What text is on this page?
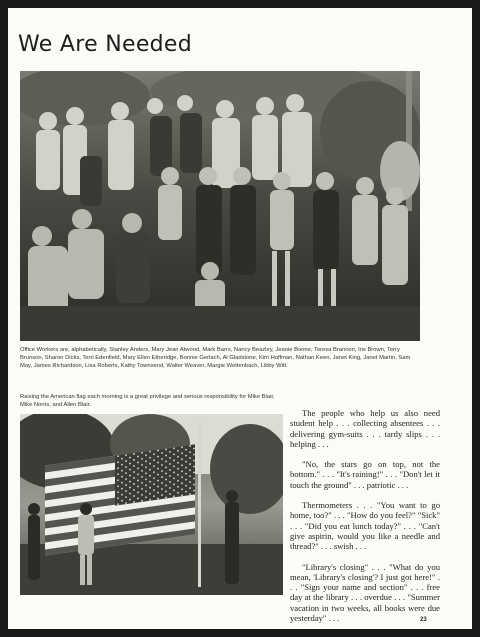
We Are Needed

Office Workers are, alphabetically, Stanley Anders, Mary Jean Atwood, Mark Barrs, Nancy Beazley, Jeanie Boone, Teresa Brannon, Iris Brown, Terry Brunson, Sharon Dicks, Terri Edenfield, Mary Ellen Etheridge, Bonnie Gerlach, Al Gladstone, Kim Hoffman, Nathan Keen, Janet King, Janet Martin, Sam May, James Richardson, Lisa Roberts, Kathy Townsend, Walter Weaver, Margie Wettenbach, Libby Witt.

Raising the American flag each morning is a great privilege and serious responsibility for Mike Blair, Mike Norris, and Allen Blair.

The people who help us also need student help . . . collecting absentees . . . delivering gym-suits . . . tardy slips . . . helping . . .

"No, the stars go on top, not the bottom." . . . "It's raining!" . . . "Don't let it touch the ground" . . . patriotic . . .

Thermometers . . . "You want to go home, too?" . . . "How do you feel?" "Sick" . . . "Did you eat lunch today?" . . . "Can't give aspirin, would you like a needle and thread?" . . . swish . . .

"Library's closing" . . . "What do you mean, 'Library's closing'? I just got here!" . . . "Sign your name and section" . . . free day at the library . . . overdue . . . "Summer vacation in two weeks, all books were due yesterday" . . .	23
